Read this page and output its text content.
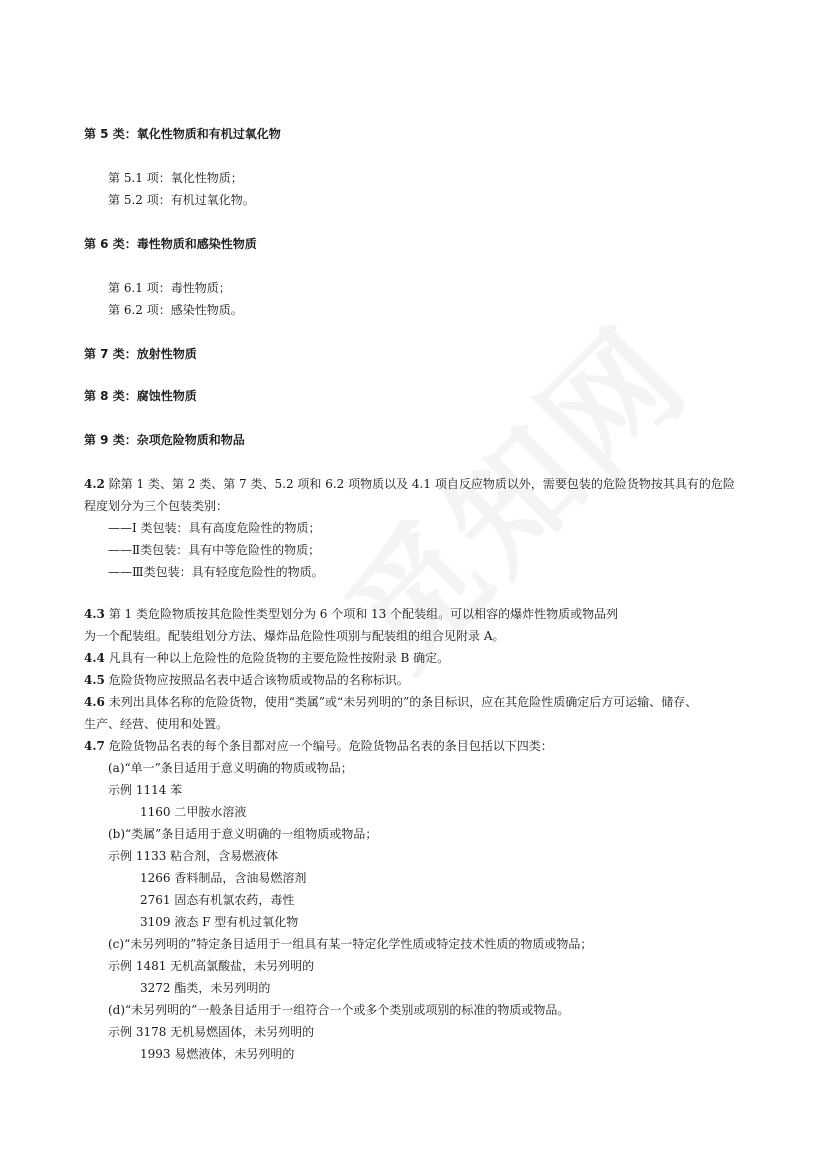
第 5 类：氧化性物质和有机过氧化物
第 5.1 项：氧化性物质；
第 5.2 项：有机过氧化物。
第 6 类：毒性物质和感染性物质
第 6.1 项：毒性物质；
第 6.2 项：感染性物质。
第 7 类：放射性物质
第 8 类：腐蚀性物质
第 9 类：杂项危险物质和物品
4.2 除第 1 类、第 2 类、第 7 类、5.2 项和 6.2 项物质以及 4.1 项自反应物质以外，需要包装的危险货物按其具有的危险
程度划分为三个包装类别：
——I 类包装：具有高度危险性的物质；
——Ⅱ类包装：具有中等危险性的物质；
——Ⅲ类包装：具有轻度危险性的物质。
4.3 第 1 类危险物质按其危险性类型划分为 6 个项和 13 个配装组。可以相容的爆炸性物质或物品列
为一个配装组。配装组划分方法、爆炸品危险性项别与配装组的组合见附录 A。
4.4 凡具有一种以上危险性的危险货物的主要危险性按附录 B 确定。
4.5 危险货物应按照品名表中适合该物质或物品的名称标识。
4.6 未列出具体名称的危险货物，使用“类属”或“未另列明的”的条目标识，应在其危险性质确定后方可运输、储存、
生产、经营、使用和处置。
4.7 危险货物品名表的每个条目都对应一个编号。危险货物品名表的条目包括以下四类：
(a)“单一”条目适用于意义明确的物质或物品；
示例 1114 苯
1160 二甲胺水溶液
(b)“类属”条目适用于意义明确的一组物质或物品；
示例 1133 粘合剂，含易燃液体
1266 香料制品，含油易燃溶剂
2761 固态有机氯农药，毒性
3109 液态 F 型有机过氧化物
(c)“未另列明的”特定条目适用于一组具有某一特定化学性质或特定技术性质的物质或物品；
示例 1481 无机高氯酸盐，未另列明的
3272 酯类，未另列明的
(d)“未另列明的”一般条目适用于一组符合一个或多个类别或项别的标准的物质或物品。
示例 3178 无机易燃固体，未另列明的
1993 易燃液体，未另列明的
